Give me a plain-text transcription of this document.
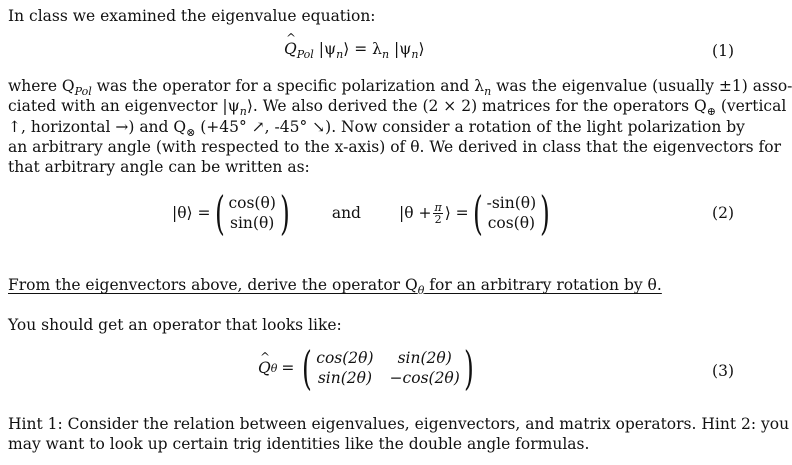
In class we examined the eigenvalue equation:
^ $Q_{Pol}$ $|\psi_n⟩ = \lambda_n$ $|\psi_n⟩$	(1)
where $Q_{Pol}$ was the operator for a specific polarization and $\lambda_n$ was the eigenvalue (usually ±1) asso-
ciated with an eigenvector $|\psi_n⟩$. We also derived the (2 × 2) matrices for the operators $Q_\oplus$ (vertical
↑, horizontal →) and $Q_\otimes$ (+45° ↗, -45° ↘). Now consider a rotation of the light polarization by
an arbitrary angle (with respected to the x-axis) of θ. We derived in class that the eigenvectors for
that arbitrary angle can be written as:
|θ⟩ = ( cos(θ)
sin(θ) )	and $|\theta + \frac{\pi}{2}$ ⟩ = ( -sin(θ)
cos(θ) )	(2)
From the eigenvectors above, derive the operator $Q_\theta$ for an arbitrary rotation by θ.
You should get an operator that looks like:
^ Q θ = ( cos(2θ)	sin(2θ)
sin(2θ) −cos(2θ) )	(3)
Hint 1: Consider the relation between eigenvalues, eigenvectors, and matrix operators. Hint 2: you
may want to look up certain trig identities like the double angle formulas.
